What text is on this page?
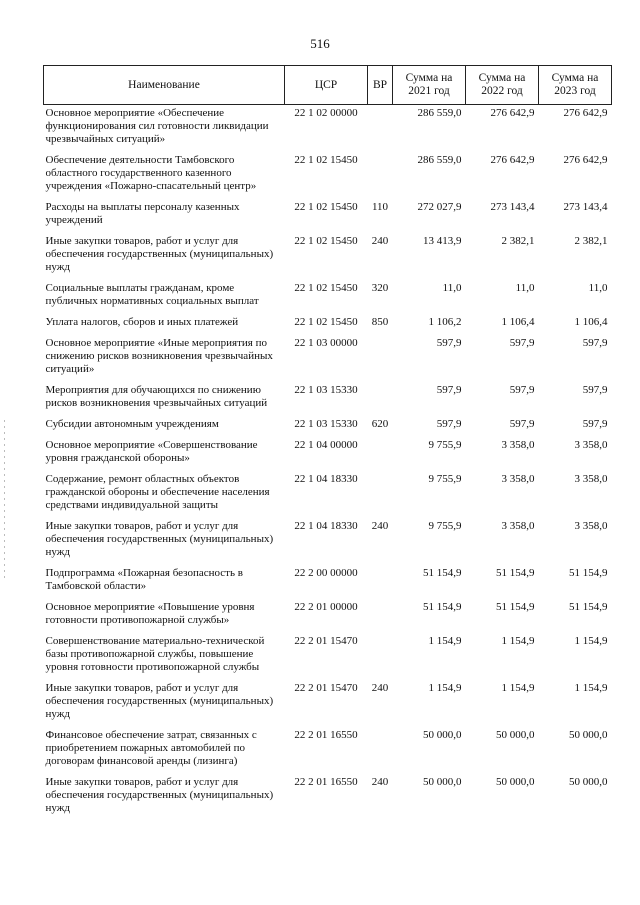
516
Наименование	ЦСР	ВР	Сумма на 2021 год	Сумма на 2022 год	Сумма на 2023 год
Основное мероприятие «Обеспечение функционирования сил готовности ликвидации чрезвычайных ситуаций»	22 1 02 00000		286 559,0	276 642,9	276 642,9
Обеспечение деятельности Тамбовского областного государственного казенного учреждения «Пожарно-спасательный центр»	22 1 02 15450		286 559,0	276 642,9	276 642,9
Расходы на выплаты персоналу казенных учреждений	22 1 02 15450	110	272 027,9	273 143,4	273 143,4
Иные закупки товаров, работ и услуг для обеспечения государственных (муниципальных) нужд	22 1 02 15450	240	13 413,9	2 382,1	2 382,1
Социальные выплаты гражданам, кроме публичных нормативных социальных выплат	22 1 02 15450	320	11,0	11,0	11,0
Уплата налогов, сборов и иных платежей	22 1 02 15450	850	1 106,2	1 106,4	1 106,4
Основное мероприятие «Иные мероприятия по снижению рисков возникновения чрезвычайных ситуаций»	22 1 03 00000		597,9	597,9	597,9
Мероприятия для обучающихся по снижению рисков возникновения чрезвычайных ситуаций	22 1 03 15330		597,9	597,9	597,9
Субсидии автономным учреждениям	22 1 03 15330	620	597,9	597,9	597,9
Основное мероприятие «Совершенствование уровня гражданской обороны»	22 1 04 00000		9 755,9	3 358,0	3 358,0
Содержание, ремонт областных объектов гражданской обороны и обеспечение населения средствами индивидуальной защиты	22 1 04 18330		9 755,9	3 358,0	3 358,0
Иные закупки товаров, работ и услуг для обеспечения государственных (муниципальных) нужд	22 1 04 18330	240	9 755,9	3 358,0	3 358,0
Подпрограмма «Пожарная безопасность в Тамбовской области»	22 2 00 00000		51 154,9	51 154,9	51 154,9
Основное мероприятие «Повышение уровня готовности противопожарной службы»	22 2 01 00000		51 154,9	51 154,9	51 154,9
Совершенствование материально-технической базы противопожарной службы, повышение уровня готовности противопожарной службы	22 2 01 15470		1 154,9	1 154,9	1 154,9
Иные закупки товаров, работ и услуг для обеспечения государственных (муниципальных) нужд	22 2 01 15470	240	1 154,9	1 154,9	1 154,9
Финансовое обеспечение затрат, связанных с приобретением пожарных автомобилей по договорам финансовой аренды (лизинга)	22 2 01 16550		50 000,0	50 000,0	50 000,0
Иные закупки товаров, работ и услуг для обеспечения государственных (муниципальных) нужд	22 2 01 16550	240	50 000,0	50 000,0	50 000,0
